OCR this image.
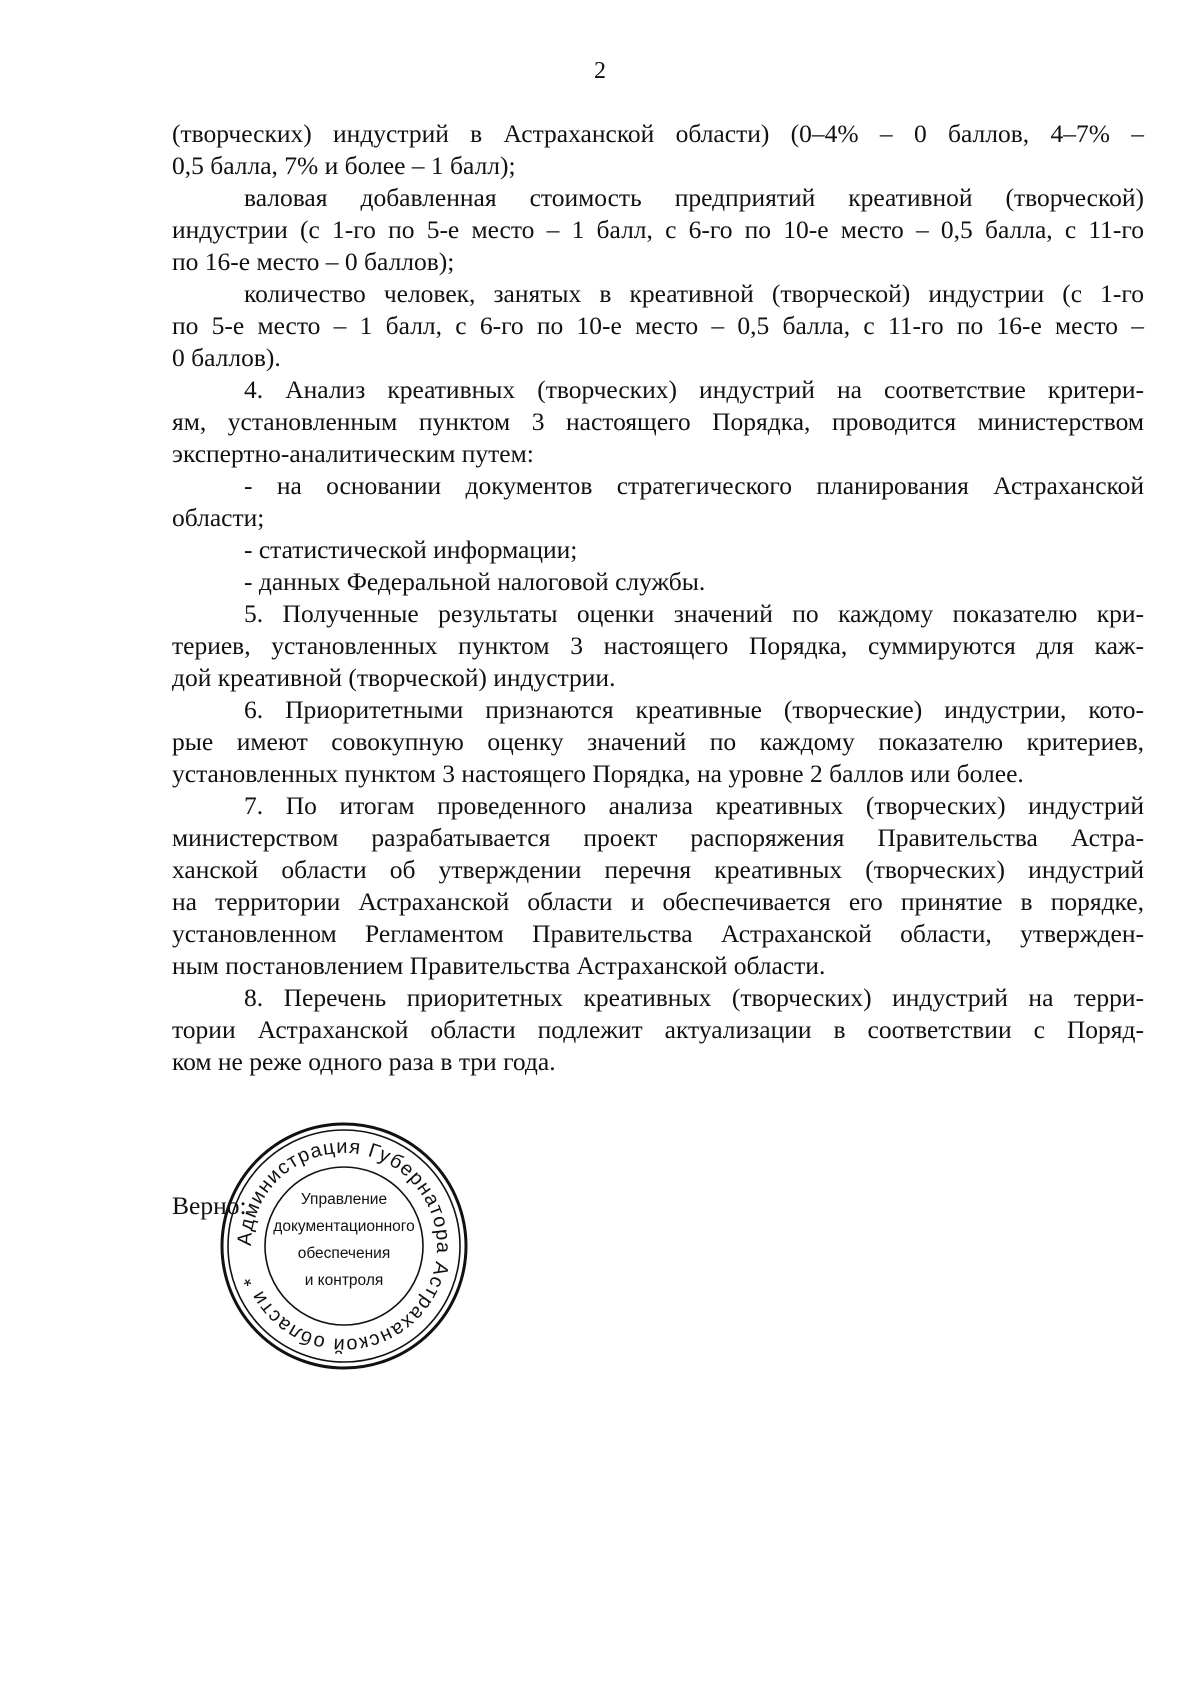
2
(творческих) индустрий в Астраханской области) (0–4% – 0 баллов, 4–7% –
0,5 балла, 7% и более – 1 балл);
валовая добавленная стоимость предприятий креативной (творческой)
индустрии (с 1-го по 5-е место – 1 балл, с 6-го по 10-е место – 0,5 балла, с 11-го
по 16-е место – 0 баллов);
количество человек, занятых в креативной (творческой) индустрии (с 1-го
по 5-е место – 1 балл, с 6-го по 10-е место – 0,5 балла, с 11-го по 16-е место –
0 баллов).
4. Анализ креативных (творческих) индустрий на соответствие критери-
ям, установленным пунктом 3 настоящего Порядка, проводится министерством
экспертно-аналитическим путем:
- на основании документов стратегического планирования Астраханской
области;
- статистической информации;
- данных Федеральной налоговой службы.
5. Полученные результаты оценки значений по каждому показателю кри-
териев, установленных пунктом 3 настоящего Порядка, суммируются для каж-
дой креативной (творческой) индустрии.
6. Приоритетными признаются креативные (творческие) индустрии, кото-
рые имеют совокупную оценку значений по каждому показателю критериев,
установленных пунктом 3 настоящего Порядка, на уровне 2 баллов или более.
7. По итогам проведенного анализа креативных (творческих) индустрий
министерством разрабатывается проект распоряжения Правительства Астра-
ханской области об утверждении перечня креативных (творческих) индустрий
на территории Астраханской области и обеспечивается его принятие в порядке,
установленном Регламентом Правительства Астраханской области, утвержден-
ным постановлением Правительства Астраханской области.
8. Перечень приоритетных креативных (творческих) индустрий на терри-
тории Астраханской области подлежит актуализации в соответствии с Поряд-
ком не реже одного раза в три года.
Верно:
Администрация Губернатора Астраханской области *
Управление
документационного
обеспечения
и контроля
